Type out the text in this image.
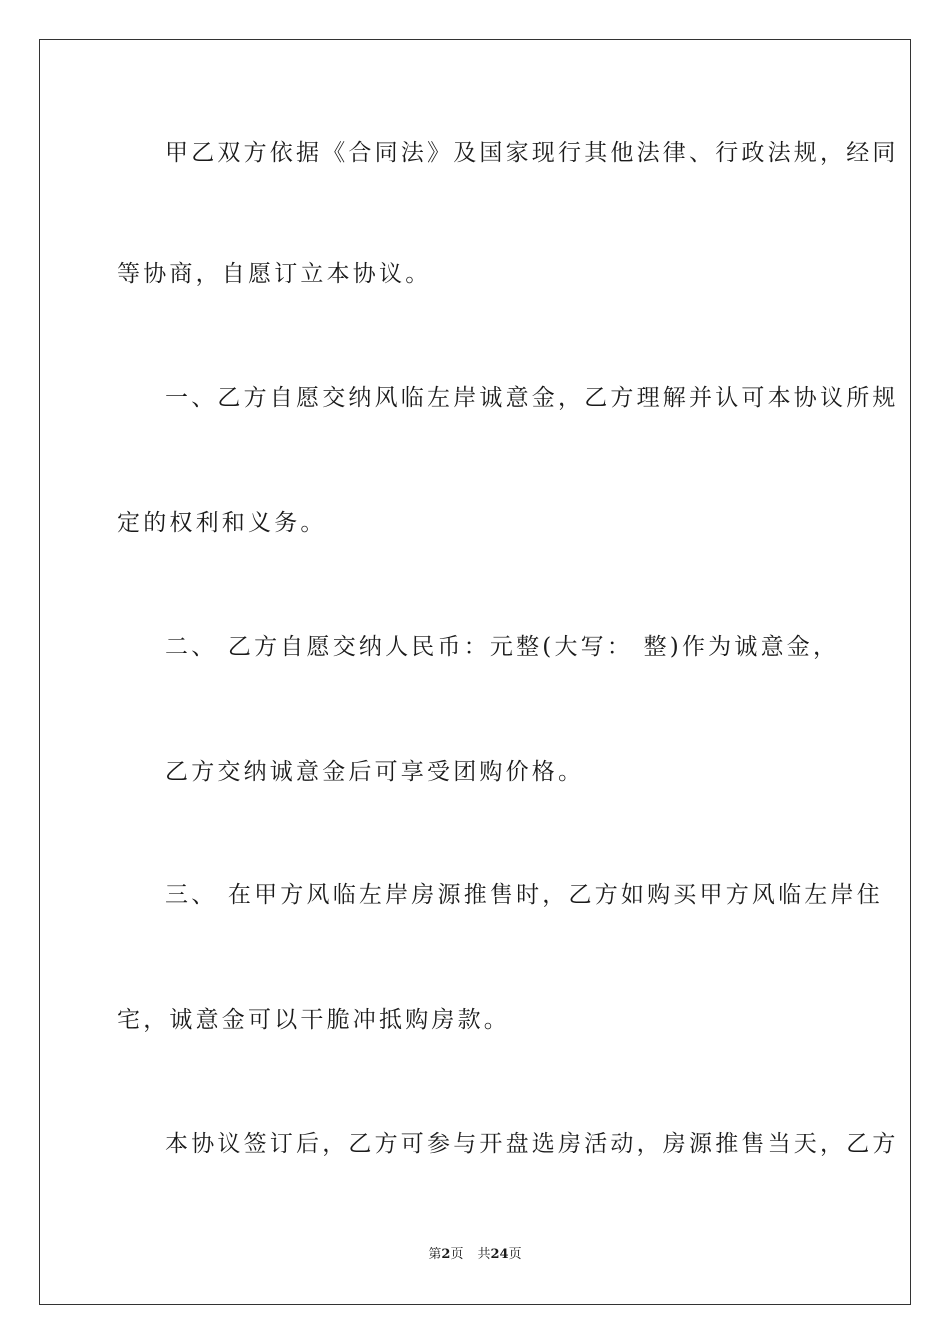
甲乙双方依据《合同法》及国家现行其他法律、行政法规，经同
等协商，自愿订立本协议。
一、乙方自愿交纳风临左岸诚意金，乙方理解并认可本协议所规
定的权利和义务。
二、 乙方自愿交纳人民币：元整(大写： 整)作为诚意金，
乙方交纳诚意金后可享受团购价格。
三、 在甲方风临左岸房源推售时，乙方如购买甲方风临左岸住
宅，诚意金可以干脆冲抵购房款。
本协议签订后，乙方可参与开盘选房活动，房源推售当天，乙方
第2页 共24页
